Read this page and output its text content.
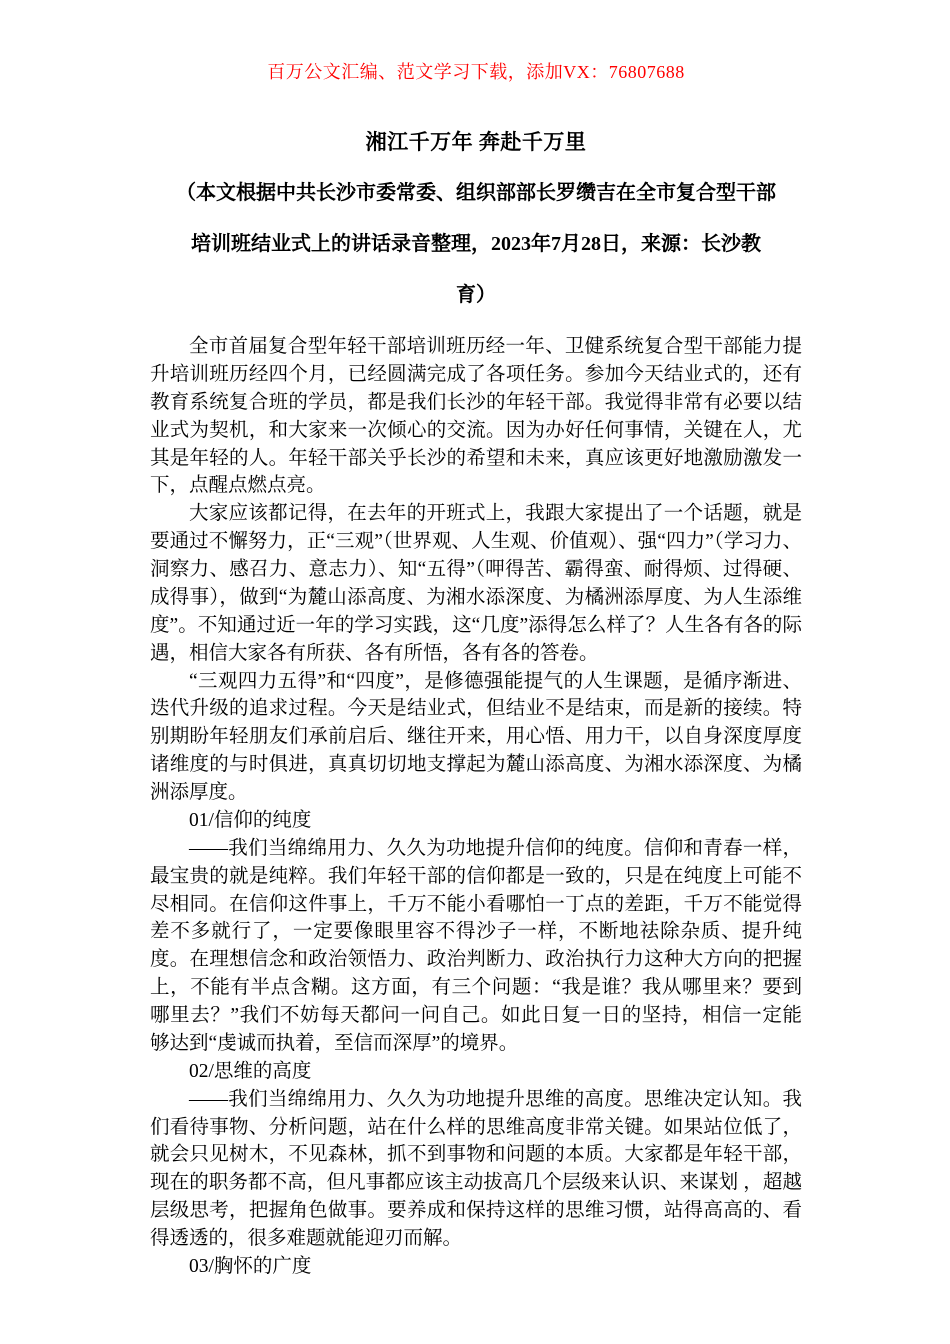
百万公文汇编、范文学习下载，添加VX：76807688
湘江千万年 奔赴千万里
（本文根据中共长沙市委常委、组织部部长罗缵吉在全市复合型干部
培训班结业式上的讲话录音整理，2023年7月28日，来源：长沙教
育）

全市首届复合型年轻干部培训班历经一年、卫健系统复合型干部能力提升培训班历经四个月，已经圆满完成了各项任务。参加今天结业式的，还有教育系统复合班的学员，都是我们长沙的年轻干部。我觉得非常有必要以结业式为契机，和大家来一次倾心的交流。因为办好任何事情，关键在人，尤其是年轻的人。年轻干部关乎长沙的希望和未来，真应该更好地激励激发一下，点醒点燃点亮。

大家应该都记得，在去年的开班式上，我跟大家提出了一个话题，就是要通过不懈努力，正“三观”（世界观、人生观、价值观）、强“四力”（学习力、洞察力、感召力、意志力）、知“五得”（呷得苦、霸得蛮、耐得烦、过得硬、成得事），做到“为麓山添高度、为湘水添深度、为橘洲添厚度、为人生添维度”。不知通过近一年的学习实践，这“几度”添得怎么样了？人生各有各的际遇，相信大家各有所获、各有所悟，各有各的答卷。

“三观四力五得”和“四度”，是修德强能提气的人生课题，是循序渐进、迭代升级的追求过程。今天是结业式，但结业不是结束，而是新的接续。特别期盼年轻朋友们承前启后、继往开来，用心悟、用力干，以自身深度厚度诸维度的与时俱进，真真切切地支撑起为麓山添高度、为湘水添深度、为橘洲添厚度。

01/信仰的纯度

——我们当绵绵用力、久久为功地提升信仰的纯度。信仰和青春一样，最宝贵的就是纯粹。我们年轻干部的信仰都是一致的，只是在纯度上可能不尽相同。在信仰这件事上，千万不能小看哪怕一丁点的差距，千万不能觉得差不多就行了，一定要像眼里容不得沙子一样，不断地祛除杂质、提升纯度。在理想信念和政治领悟力、政治判断力、政治执行力这种大方向的把握上，不能有半点含糊。这方面，有三个问题：“我是谁？我从哪里来？要到哪里去？”我们不妨每天都问一问自己。如此日复一日的坚持，相信一定能够达到“虔诚而执着，至信而深厚”的境界。

02/思维的高度

——我们当绵绵用力、久久为功地提升思维的高度。思维决定认知。我们看待事物、分析问题，站在什么样的思维高度非常关键。如果站位低了，就会只见树木，不见森林，抓不到事物和问题的本质。大家都是年轻干部，现在的职务都不高，但凡事都应该主动拔高几个层级来认识、来谋划 ，超越层级思考，把握角色做事。要养成和保持这样的思维习惯，站得高高的、看得透透的，很多难题就能迎刃而解。

03/胸怀的广度
